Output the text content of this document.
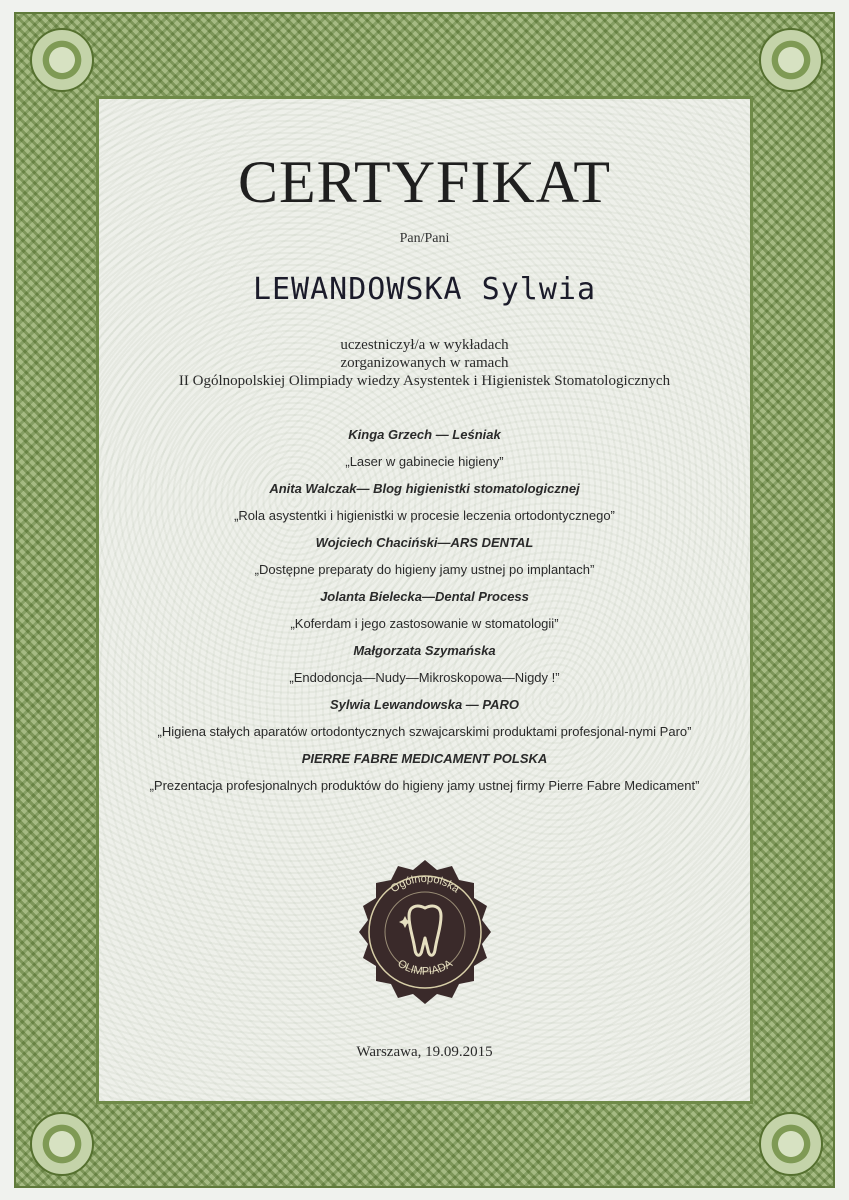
CERTYFIKAT
Pan/Pani
LEWANDOWSKA Sylwia
uczestniczył/a w wykładach
zorganizowanych w ramach
II Ogólnopolskiej Olimpiady wiedzy Asystentek i Higienistek Stomatologicznych
Kinga Grzech — Leśniak
„Laser w gabinecie higieny”
Anita Walczak— Blog higienistki stomatologicznej
„Rola asystentki i higienistki w procesie leczenia ortodontycznego”
Wojciech Chaciński—ARS DENTAL
„Dostępne preparaty do higieny jamy ustnej po implantach”
Jolanta Bielecka—Dental Process
„Koferdam i jego zastosowanie w stomatologii”
Małgorzata Szymańska
„Endodoncja—Nudy—Mikroskopowa—Nigdy !”
Sylwia Lewandowska — PARO
„Higiena stałych aparatów ortodontycznych szwajcarskimi produktami profesjonal-nymi Paro”
PIERRE FABRE MEDICAMENT POLSKA
„Prezentacja profesjonalnych produktów do higieny jamy ustnej firmy Pierre Fabre Medicament”
Ogólnopolska
OLIMPIADA
Warszawa, 19.09.2015
